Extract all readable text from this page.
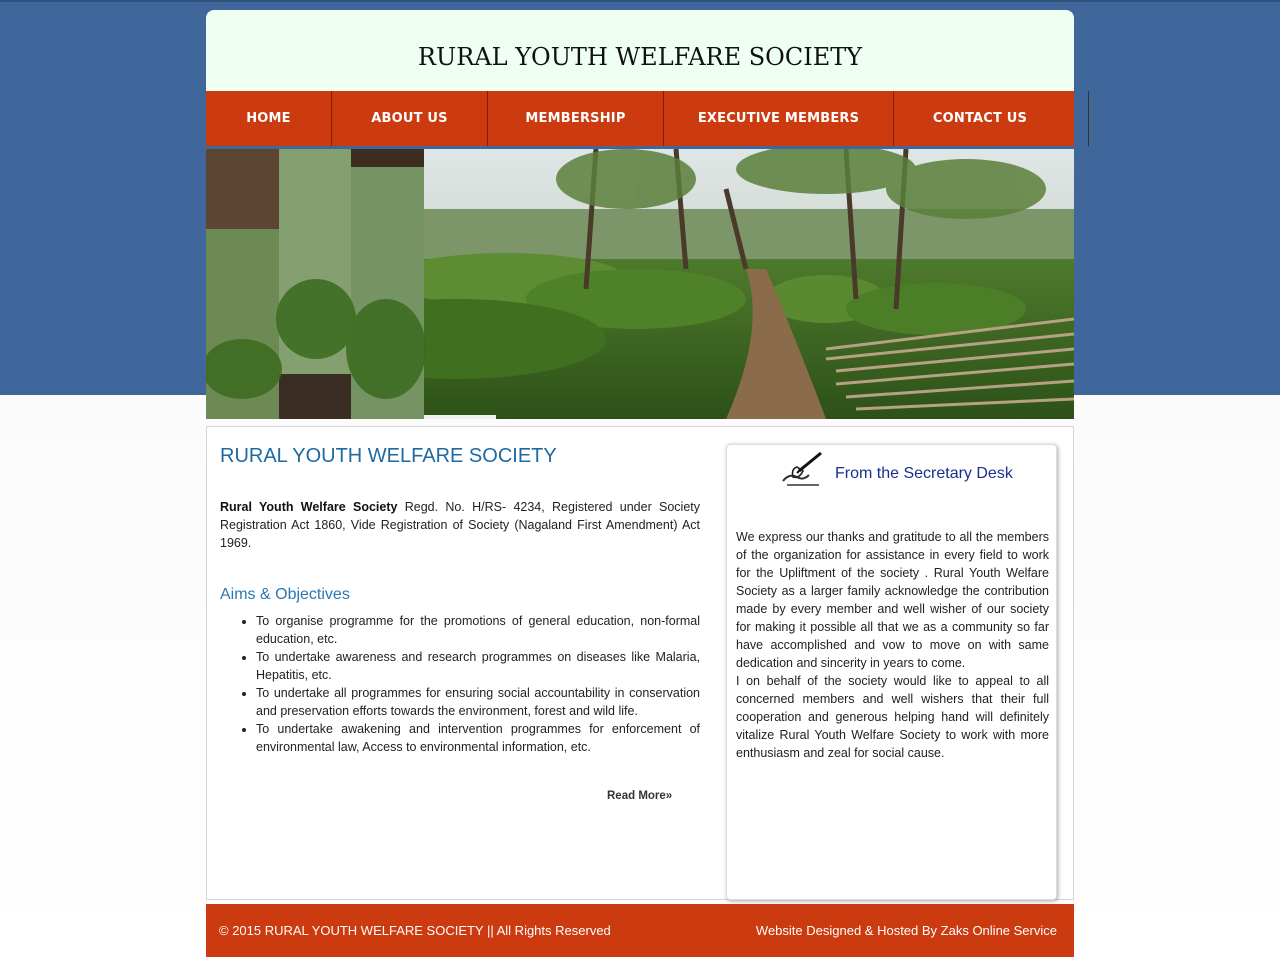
RURAL YOUTH WELFARE SOCIETY
HOME	ABOUT US	MEMBERSHIP	EXECUTIVE MEMBERS	CONTACT US
RURAL YOUTH WELFARE SOCIETY
Rural Youth Welfare Society Regd. No. H/RS- 4234, Registered under Society Registration Act 1860, Vide Registration of Society (Nagaland First Amendment) Act 1969.
Aims & Objectives
• To organise programme for the promotions of general education, non-formal education, etc.
• To undertake awareness and research programmes on diseases like Malaria, Hepatitis, etc.
• To undertake all programmes for ensuring social accountability in conservation and preservation efforts towards the environment, forest and wild life.
• To undertake awakening and intervention programmes for enforcement of environmental law, Access to environmental information, etc.
Read More»
From the Secretary Desk

We express our thanks and gratitude to all the members of the organization for assistance in every field to work for the Upliftment of the society . Rural Youth Welfare Society as a larger family acknowledge the contribution made by every member and well wisher of our society for making it possible all that we as a community so far have accomplished and vow to move on with same dedication and sincerity in years to come.

I on behalf of the society would like to appeal to all concerned members and well wishers that their full cooperation and generous helping hand will definitely vitalize Rural Youth Welfare Society to work with more enthusiasm and zeal for social cause.

© 2015 RURAL YOUTH WELFARE SOCIETY || All Rights Reserved	Website Designed & Hosted By Zaks Online Service
